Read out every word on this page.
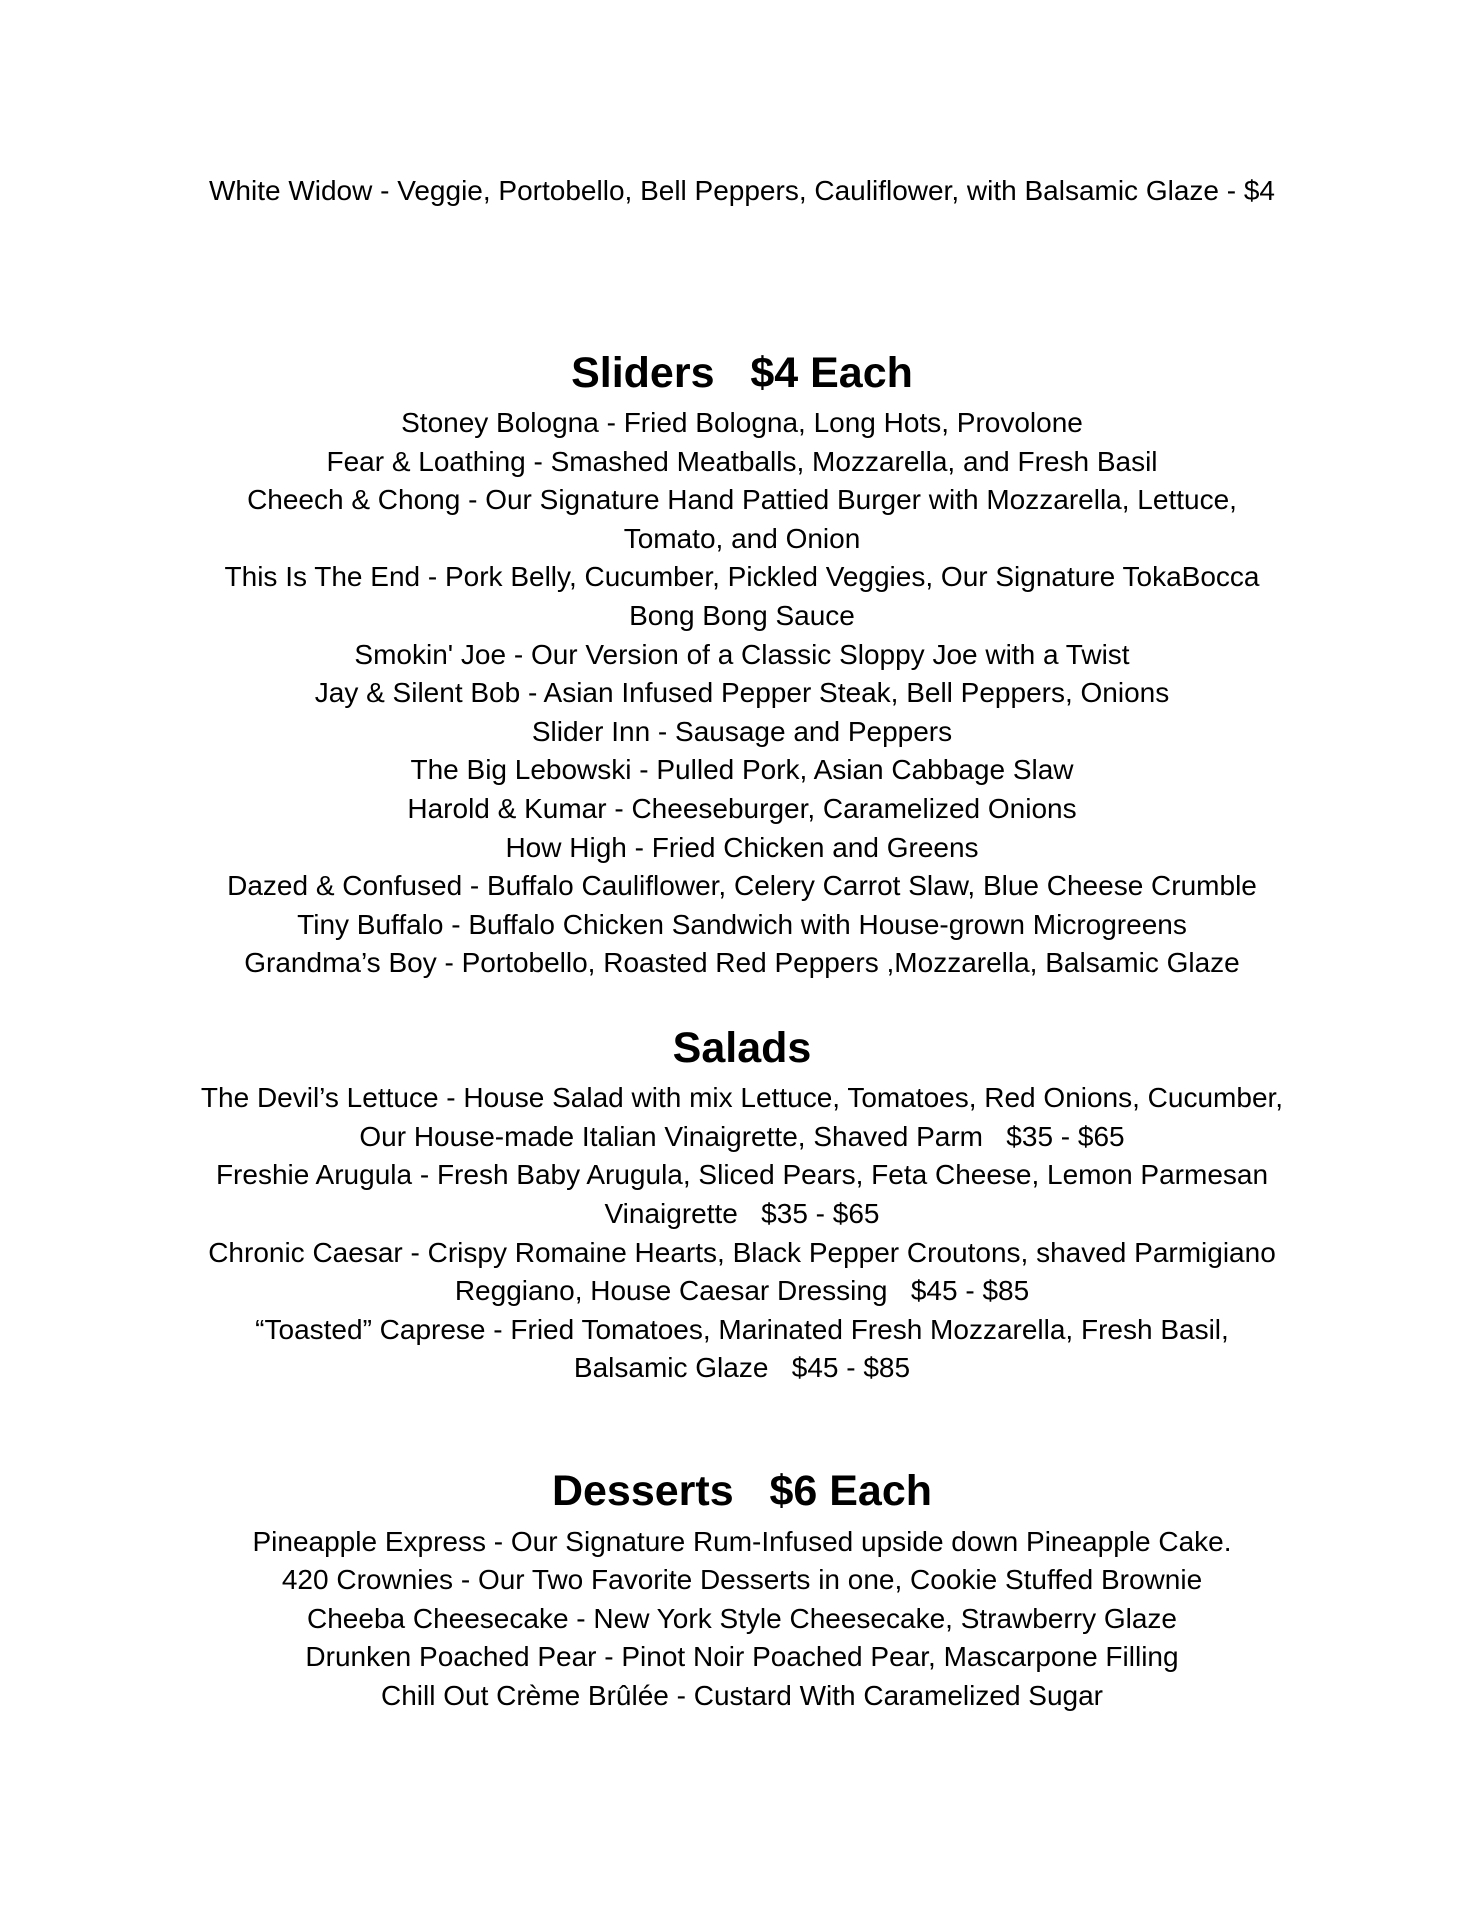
White Widow - Veggie, Portobello, Bell Peppers, Cauliflower, with Balsamic Glaze - $4
Sliders   $4 Each
Stoney Bologna - Fried Bologna, Long Hots, Provolone
Fear & Loathing - Smashed Meatballs, Mozzarella, and Fresh Basil
Cheech & Chong - Our Signature Hand Pattied Burger with Mozzarella, Lettuce,
Tomato, and Onion
This Is The End - Pork Belly, Cucumber, Pickled Veggies, Our Signature TokaBocca
Bong Bong Sauce
Smokin' Joe - Our Version of a Classic Sloppy Joe with a Twist
Jay & Silent Bob - Asian Infused Pepper Steak, Bell Peppers, Onions
Slider Inn - Sausage and Peppers
The Big Lebowski - Pulled Pork, Asian Cabbage Slaw
Harold & Kumar - Cheeseburger, Caramelized Onions
How High - Fried Chicken and Greens
Dazed & Confused - Buffalo Cauliflower, Celery Carrot Slaw, Blue Cheese Crumble
Tiny Buffalo - Buffalo Chicken Sandwich with House-grown Microgreens
Grandma’s Boy - Portobello, Roasted Red Peppers ,Mozzarella, Balsamic Glaze
Salads
The Devil’s Lettuce - House Salad with mix Lettuce, Tomatoes, Red Onions, Cucumber,
Our House-made Italian Vinaigrette, Shaved Parm   $35 - $65
Freshie Arugula - Fresh Baby Arugula, Sliced Pears, Feta Cheese, Lemon Parmesan
Vinaigrette   $35 - $65
Chronic Caesar - Crispy Romaine Hearts, Black Pepper Croutons, shaved Parmigiano
Reggiano, House Caesar Dressing   $45 - $85
“Toasted” Caprese - Fried Tomatoes, Marinated Fresh Mozzarella, Fresh Basil,
Balsamic Glaze   $45 - $85
Desserts   $6 Each
Pineapple Express - Our Signature Rum-Infused upside down Pineapple Cake.
420 Crownies - Our Two Favorite Desserts in one, Cookie Stuffed Brownie
Cheeba Cheesecake - New York Style Cheesecake, Strawberry Glaze
Drunken Poached Pear - Pinot Noir Poached Pear, Mascarpone Filling
Chill Out Crème Brûlée - Custard With Caramelized Sugar
